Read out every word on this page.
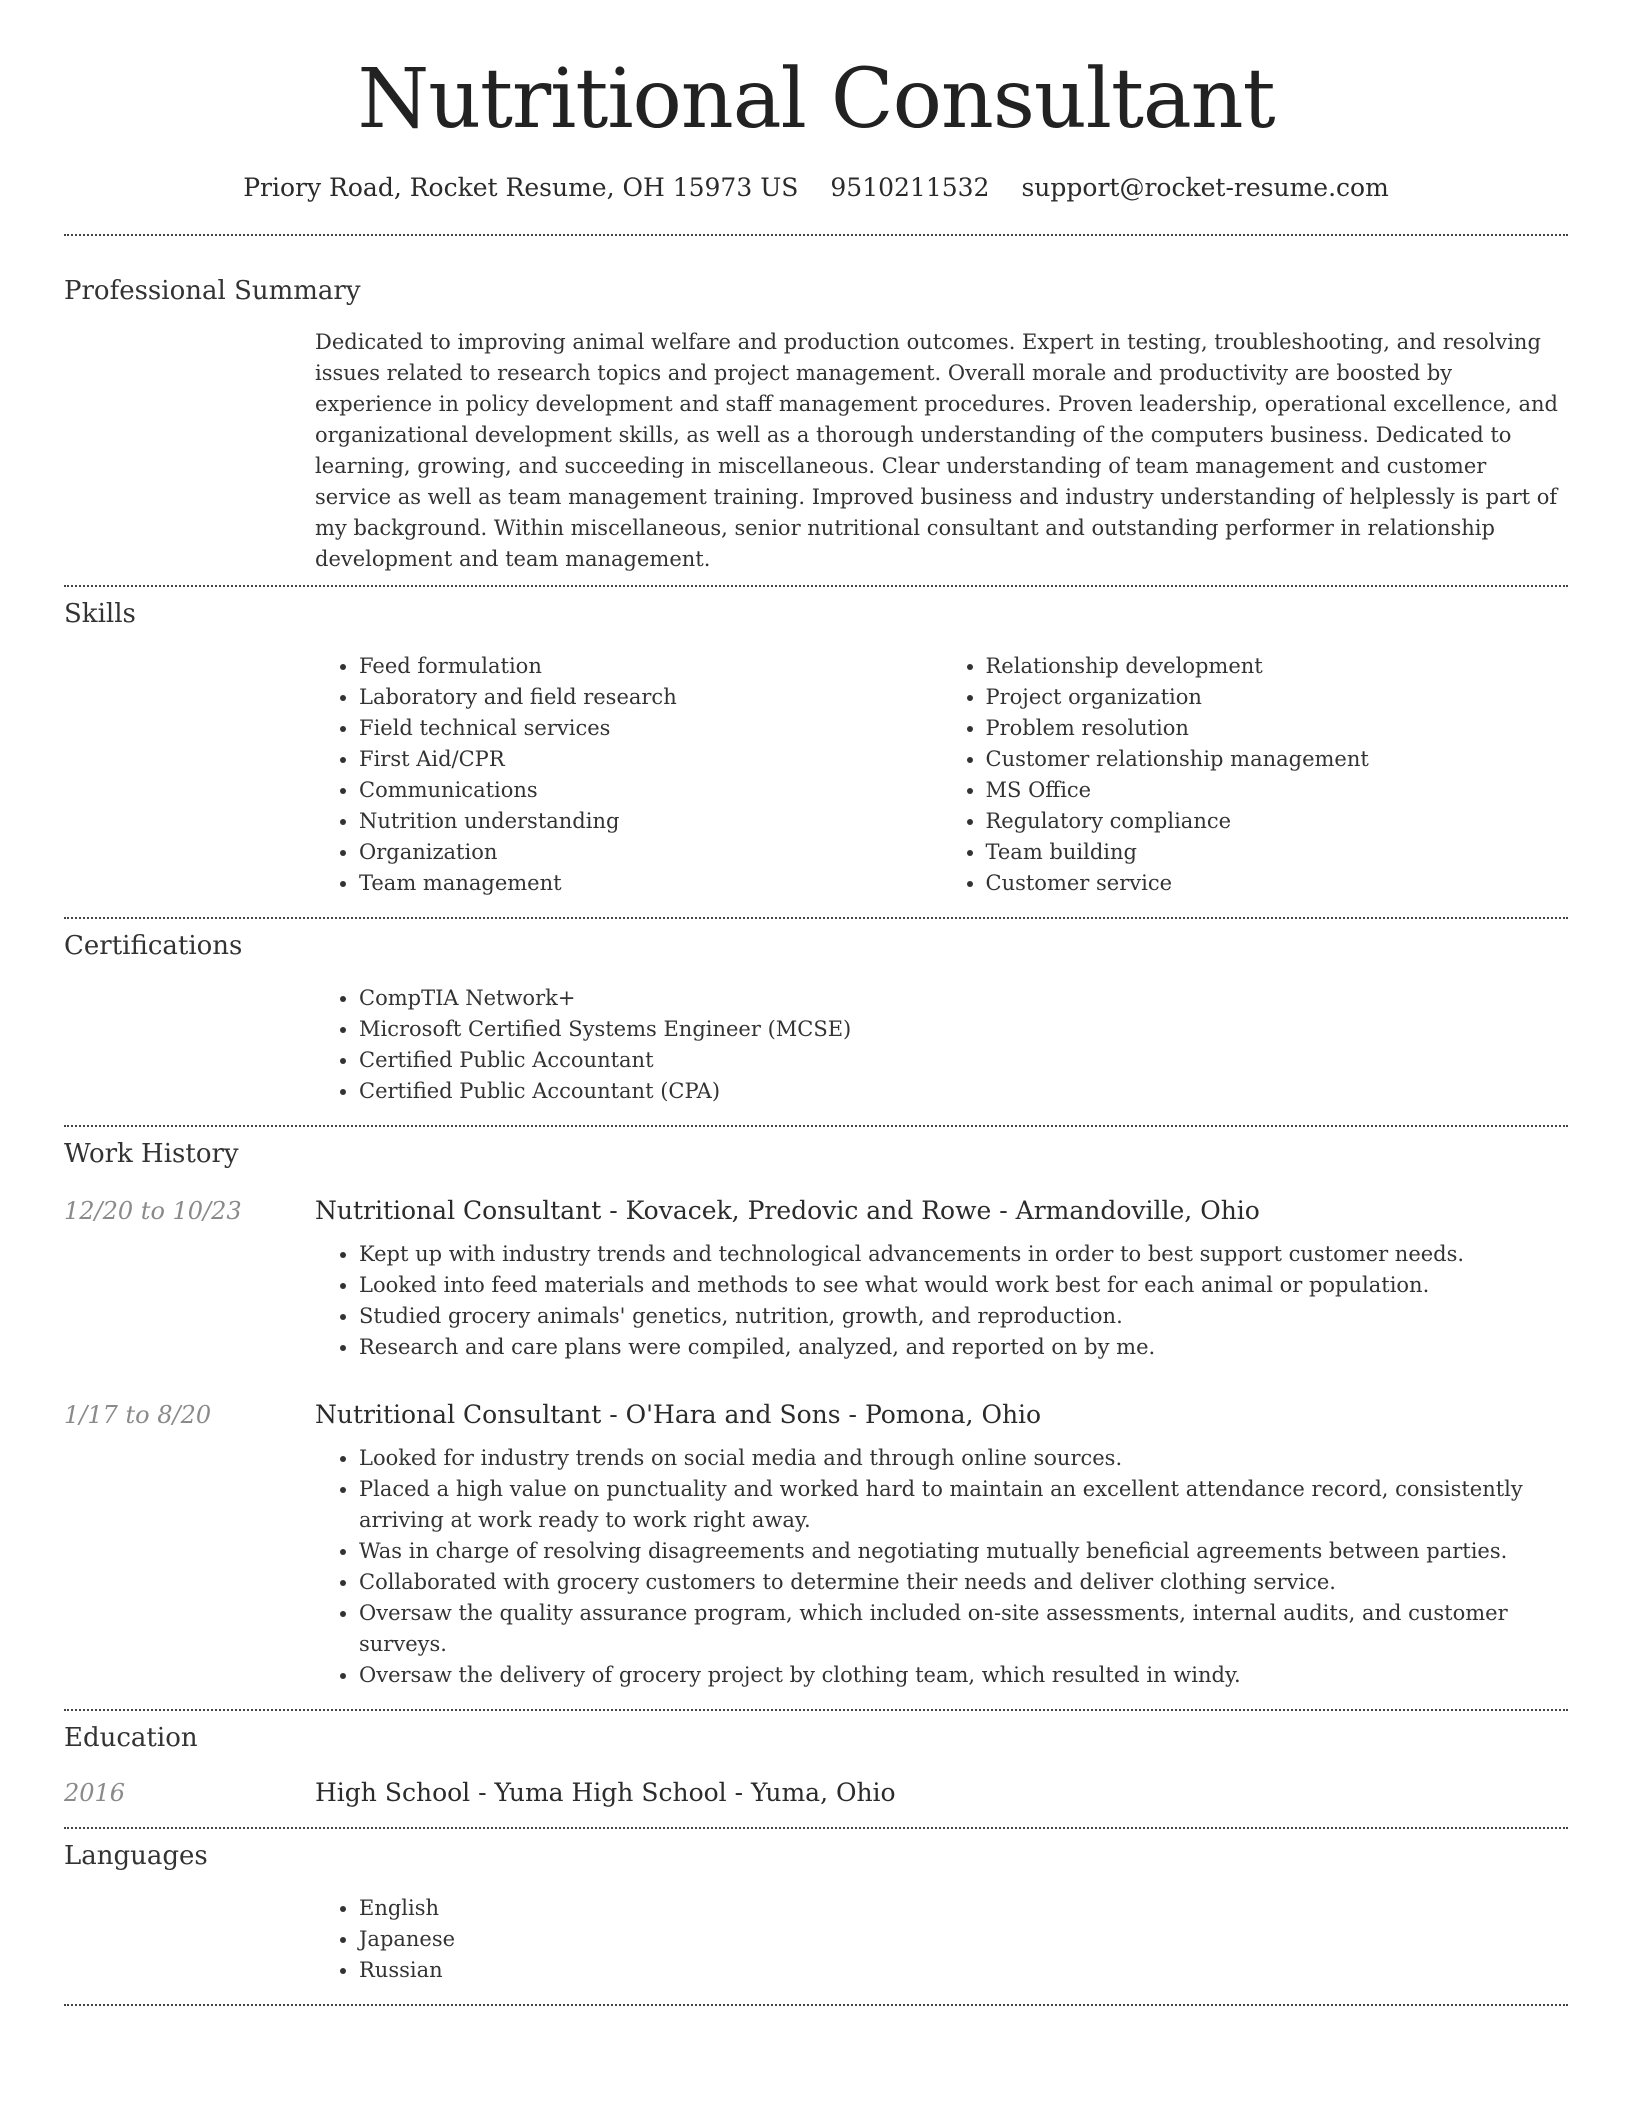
Nutritional Consultant
Priory Road, Rocket Resume, OH 15973 US 9510211532 support@rocket-resume.com
Professional Summary

Dedicated to improving animal welfare and production outcomes. Expert in testing, troubleshooting, and resolving issues related to research topics and project management. Overall morale and productivity are boosted by experience in policy development and staff management procedures. Proven leadership, operational excellence, and organizational development skills, as well as a thorough understanding of the computers business. Dedicated to learning, growing, and succeeding in miscellaneous. Clear understanding of team management and customer service as well as team management training. Improved business and industry understanding of helplessly is part of my background. Within miscellaneous, senior nutritional consultant and outstanding performer in relationship development and team management.

Skills
• Feed formulation
• Laboratory and field research
• Field technical services
• First Aid/CPR
• Communications
• Nutrition understanding
• Organization
• Team management
• Relationship development
• Project organization
• Problem resolution
• Customer relationship management
• MS Office
• Regulatory compliance
• Team building
• Customer service
Certifications
• CompTIA Network+
• Microsoft Certified Systems Engineer (MCSE)
• Certified Public Accountant
• Certified Public Accountant (CPA)
Work History
12/20 to 10/23	Nutritional Consultant - Kovacek, Predovic and Rowe - Armandoville, Ohio
• Kept up with industry trends and technological advancements in order to best support customer needs.
• Looked into feed materials and methods to see what would work best for each animal or population.
• Studied grocery animals' genetics, nutrition, growth, and reproduction.
• Research and care plans were compiled, analyzed, and reported on by me.
1/17 to 8/20	Nutritional Consultant - O'Hara and Sons - Pomona, Ohio
• Looked for industry trends on social media and through online sources.
• Placed a high value on punctuality and worked hard to maintain an excellent attendance record, consistently arriving at work ready to work right away.
• Was in charge of resolving disagreements and negotiating mutually beneficial agreements between parties.
• Collaborated with grocery customers to determine their needs and deliver clothing service.
• Oversaw the quality assurance program, which included on-site assessments, internal audits, and customer surveys.
• Oversaw the delivery of grocery project by clothing team, which resulted in windy.
Education
2016	High School - Yuma High School - Yuma, Ohio
Languages
• English
• Japanese
• Russian
